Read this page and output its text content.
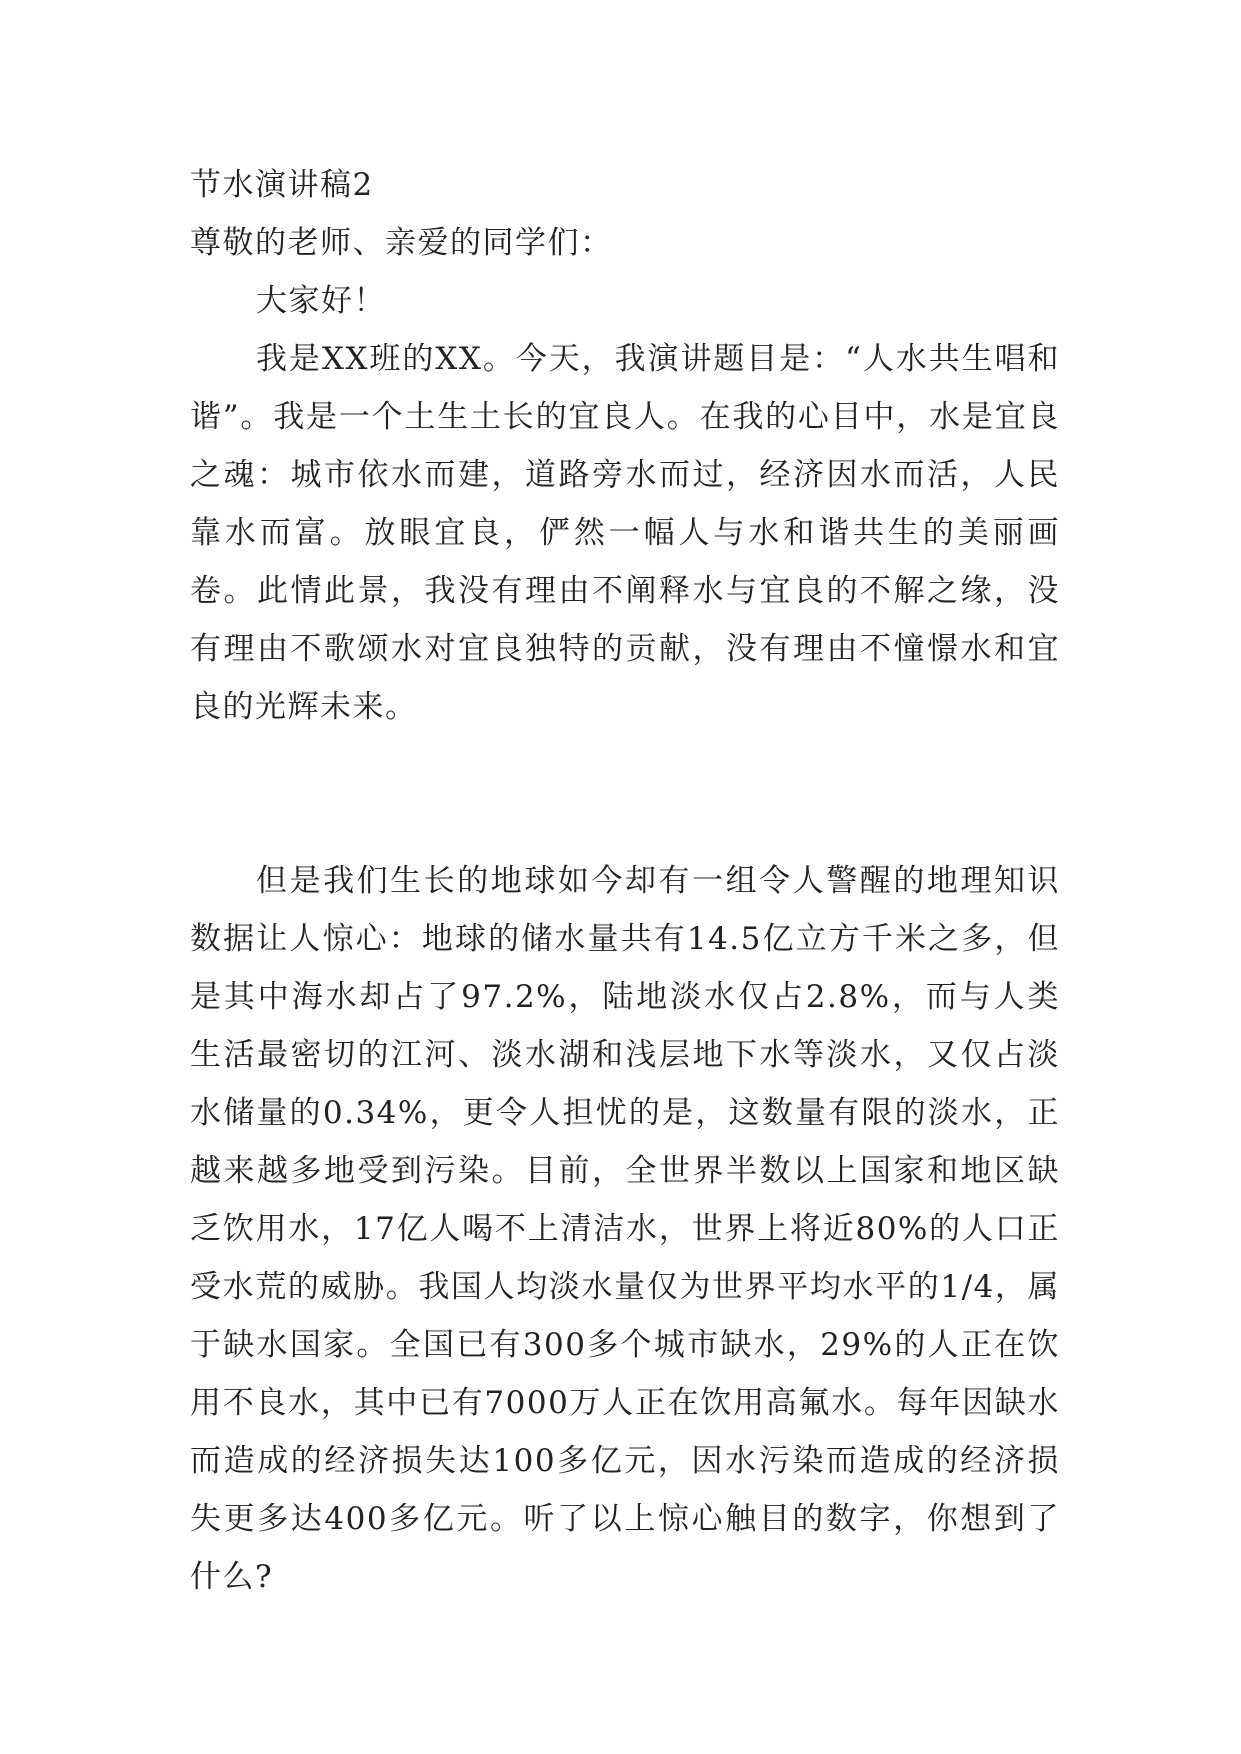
节水演讲稿2
尊敬的老师、亲爱的同学们：
大家好！

我是XX班的XX。今天，我演讲题目是：“人水共生唱和谐”。我是一个土生土长的宜良人。在我的心目中，水是宜良之魂：城市依水而建，道路旁水而过，经济因水而活，人民靠水而富。放眼宜良，俨然一幅人与水和谐共生的美丽画卷。此情此景，我没有理由不阐释水与宜良的不解之缘，没有理由不歌颂水对宜良独特的贡献，没有理由不憧憬水和宜良的光辉未来。

但是我们生长的地球如今却有一组令人警醒的地理知识数据让人惊心：地球的储水量共有14.5亿立方千米之多，但是其中海水却占了97.2%，陆地淡水仅占2.8%，而与人类生活最密切的江河、淡水湖和浅层地下水等淡水，又仅占淡水储量的0.34%，更令人担忧的是，这数量有限的淡水，正越来越多地受到污染。目前，全世界半数以上国家和地区缺乏饮用水，17亿人喝不上清洁水，世界上将近80%的人口正受水荒的威胁。我国人均淡水量仅为世界平均水平的1/4，属于缺水国家。全国已有300多个城市缺水，29%的人正在饮用不良水，其中已有7000万人正在饮用高氟水。每年因缺水而造成的经济损失达100多亿元，因水污染而造成的经济损失更多达400多亿元。听了以上惊心触目的数字，你想到了什么?
